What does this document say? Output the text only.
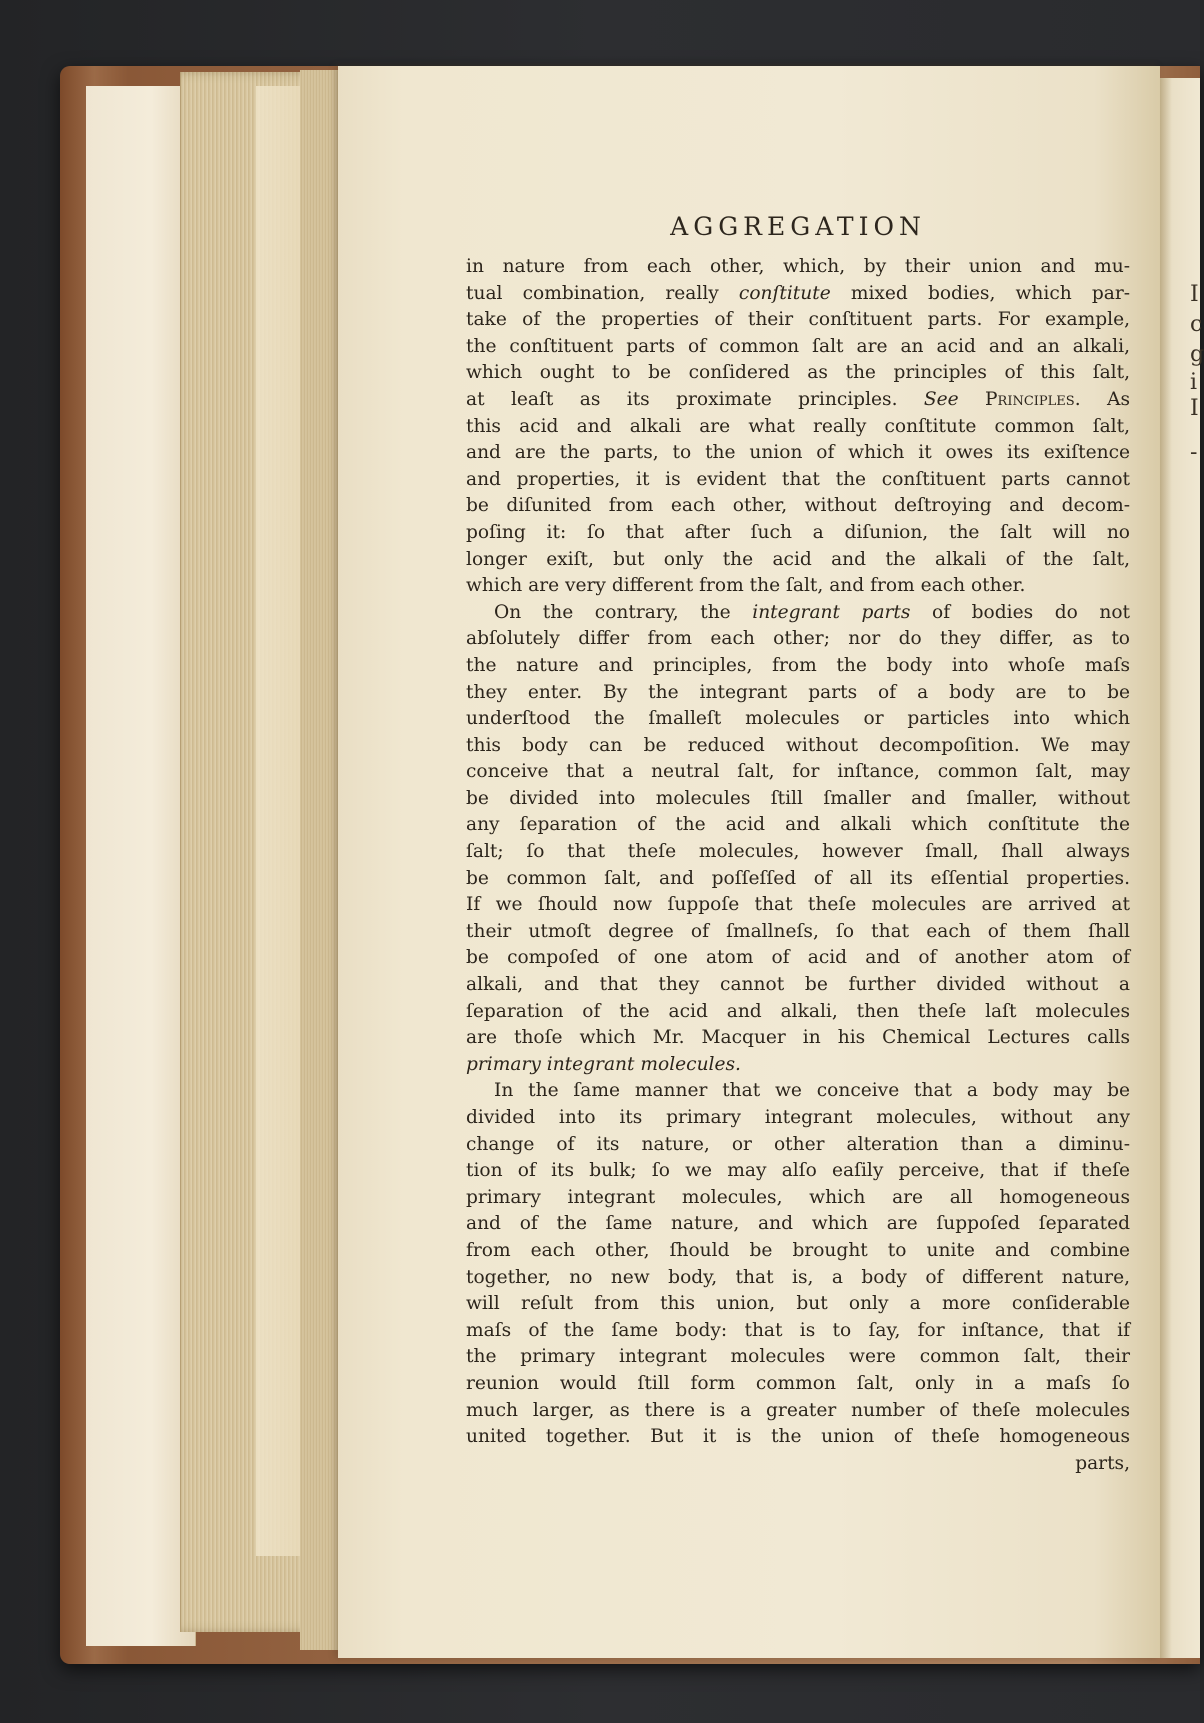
I
c
g
i
I
-
AGGREGATION
in nature from each other, which, by their union and mu-
tual combination, really conſtitute mixed bodies, which par-
take of the properties of their conſtituent parts. For example,
the conſtituent parts of common ſalt are an acid and an alkali,
which ought to be conſidered as the principles of this ſalt,
at leaſt as its proximate principles. See Principles. As
this acid and alkali are what really conſtitute common ſalt,
and are the parts, to the union of which it owes its exiſtence
and properties, it is evident that the conſtituent parts cannot
be diſunited from each other, without deſtroying and decom-
poſing it: ſo that after ſuch a diſunion, the ſalt will no
longer exiſt, but only the acid and the alkali of the ſalt,
which are very different from the ſalt, and from each other.
On the contrary, the integrant parts of bodies do not
abſolutely differ from each other; nor do they differ, as to
the nature and principles, from the body into whoſe maſs
they enter. By the integrant parts of a body are to be
underſtood the ſmalleſt molecules or particles into which
this body can be reduced without decompoſition. We may
conceive that a neutral ſalt, for inſtance, common ſalt, may
be divided into molecules ſtill ſmaller and ſmaller, without
any ſeparation of the acid and alkali which conſtitute the
ſalt; ſo that theſe molecules, however ſmall, ſhall always
be common ſalt, and poſſeſſed of all its eſſential properties.
If we ſhould now ſuppoſe that theſe molecules are arrived at
their utmoſt degree of ſmallneſs, ſo that each of them ſhall
be compoſed of one atom of acid and of another atom of
alkali, and that they cannot be further divided without a
ſeparation of the acid and alkali, then theſe laſt molecules
are thoſe which Mr. Macquer in his Chemical Lectures calls
primary integrant molecules.
In the ſame manner that we conceive that a body may be
divided into its primary integrant molecules, without any
change of its nature, or other alteration than a diminu-
tion of its bulk; ſo we may alſo eaſily perceive, that if theſe
primary integrant molecules, which are all homogeneous
and of the ſame nature, and which are ſuppoſed ſeparated
from each other, ſhould be brought to unite and combine
together, no new body, that is, a body of different nature,
will reſult from this union, but only a more conſiderable
maſs of the ſame body: that is to ſay, for inſtance, that if
the primary integrant molecules were common ſalt, their
reunion would ſtill form common ſalt, only in a maſs ſo
much larger, as there is a greater number of theſe molecules
united together. But it is the union of theſe homogeneous
parts,
